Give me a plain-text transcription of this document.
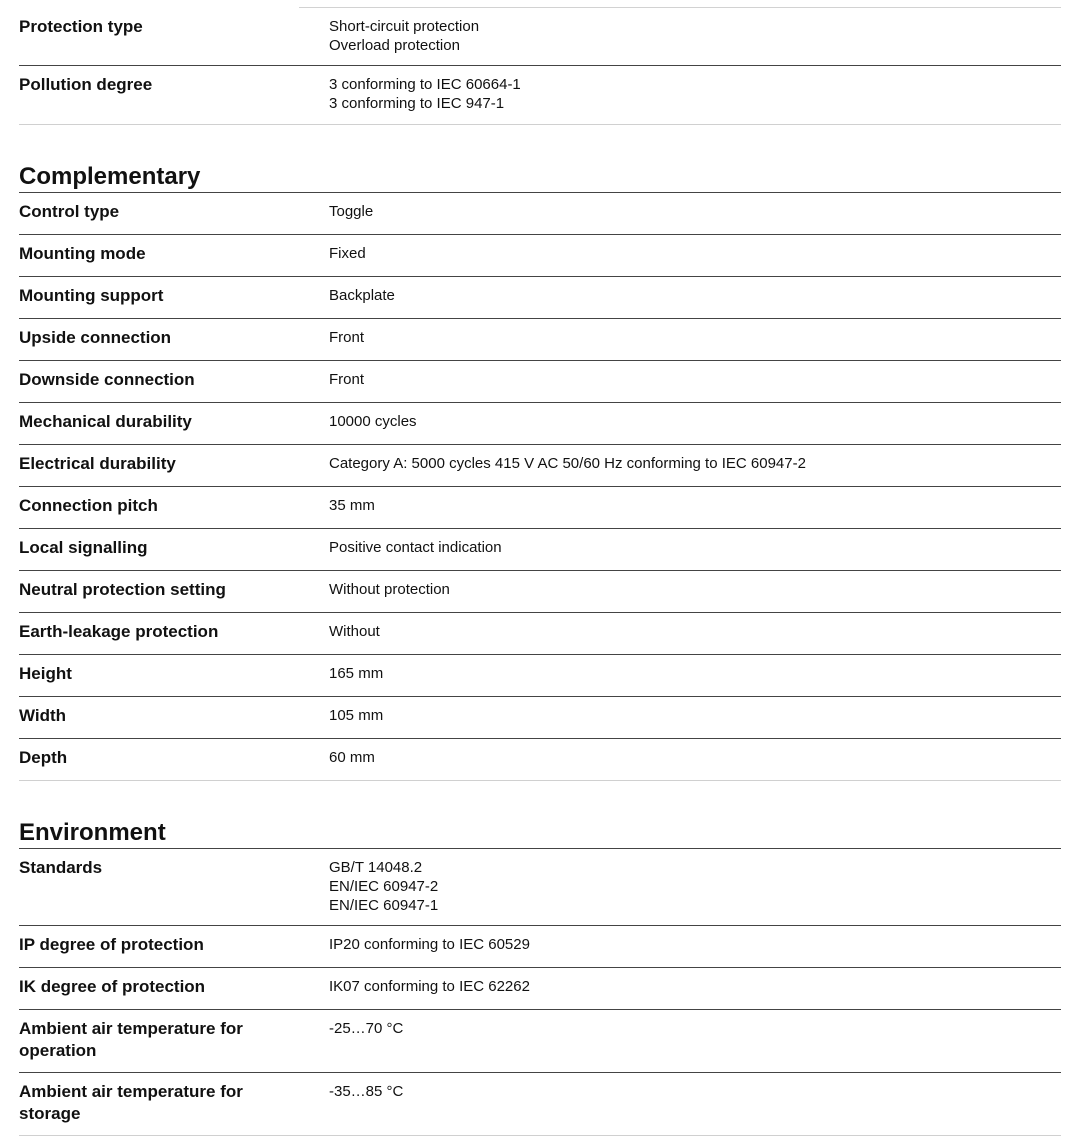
Protection type	Short-circuit protection
Overload protection

Pollution degree	3 conforming to IEC 60664-1
3 conforming to IEC 947-1
Complementary
Control type	Toggle

Mounting mode	Fixed

Mounting support	Backplate

Upside connection	Front

Downside connection	Front

Mechanical durability	10000 cycles

Electrical durability	Category A: 5000 cycles 415 V AC 50/60 Hz conforming to IEC 60947-2

Connection pitch	35 mm

Local signalling	Positive contact indication

Neutral protection setting	Without protection

Earth-leakage protection	Without

Height	165 mm

Width	105 mm

Depth	60 mm
Environment
Standards	GB/T 14048.2
EN/IEC 60947-2
EN/IEC 60947-1

IP degree of protection	IP20 conforming to IEC 60529

IK degree of protection	IK07 conforming to IEC 62262

Ambient air temperature for operation	-25…70 °C

Ambient air temperature for storage	-35…85 °C
